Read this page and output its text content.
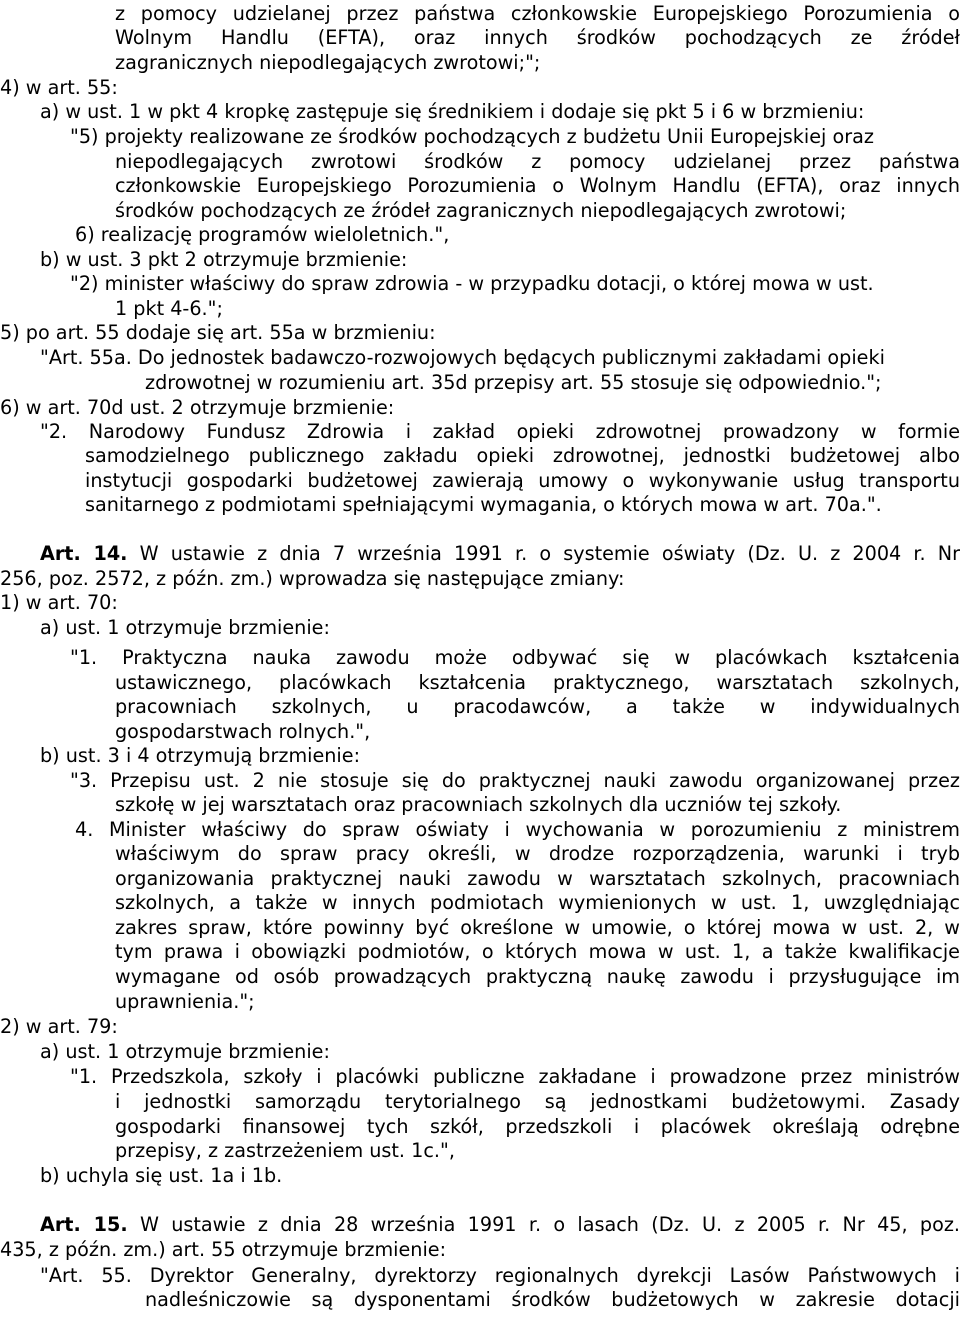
z pomocy udzielanej przez państwa członkowskie Europejskiego Porozumienia o
Wolnym Handlu (EFTA), oraz innych środków pochodzących ze źródeł
zagranicznych niepodlegających zwrotowi;";
4) w art. 55:
a) w ust. 1 w pkt 4 kropkę zastępuje się średnikiem i dodaje się pkt 5 i 6 w brzmieniu:
"5) projekty realizowane ze środków pochodzących z budżetu Unii Europejskiej oraz
niepodlegających zwrotowi środków z pomocy udzielanej przez państwa
członkowskie Europejskiego Porozumienia o Wolnym Handlu (EFTA), oraz innych
środków pochodzących ze źródeł zagranicznych niepodlegających zwrotowi;
6) realizację programów wieloletnich.",
b) w ust. 3 pkt 2 otrzymuje brzmienie:
"2) minister właściwy do spraw zdrowia - w przypadku dotacji, o której mowa w ust.
1 pkt 4-6.";
5) po art. 55 dodaje się art. 55a w brzmieniu:
"Art. 55a. Do jednostek badawczo-rozwojowych będących publicznymi zakładami opieki
zdrowotnej w rozumieniu art. 35d przepisy art. 55 stosuje się odpowiednio.";
6) w art. 70d ust. 2 otrzymuje brzmienie:
"2. Narodowy Fundusz Zdrowia i zakład opieki zdrowotnej prowadzony w formie
samodzielnego publicznego zakładu opieki zdrowotnej, jednostki budżetowej albo
instytucji gospodarki budżetowej zawierają umowy o wykonywanie usług transportu
sanitarnego z podmiotami spełniającymi wymagania, o których mowa w art. 70a.".
Art. 14. W ustawie z dnia 7 września 1991 r. o systemie oświaty (Dz. U. z 2004 r. Nr
256, poz. 2572, z późn. zm.) wprowadza się następujące zmiany:
1) w art. 70:
a) ust. 1 otrzymuje brzmienie:
"1. Praktyczna nauka zawodu może odbywać się w placówkach kształcenia
ustawicznego, placówkach kształcenia praktycznego, warsztatach szkolnych,
pracowniach szkolnych, u pracodawców, a także w indywidualnych
gospodarstwach rolnych.",
b) ust. 3 i 4 otrzymują brzmienie:
"3. Przepisu ust. 2 nie stosuje się do praktycznej nauki zawodu organizowanej przez
szkołę w jej warsztatach oraz pracowniach szkolnych dla uczniów tej szkoły.
4. Minister właściwy do spraw oświaty i wychowania w porozumieniu z ministrem
właściwym do spraw pracy określi, w drodze rozporządzenia, warunki i tryb
organizowania praktycznej nauki zawodu w warsztatach szkolnych, pracowniach
szkolnych, a także w innych podmiotach wymienionych w ust. 1, uwzględniając
zakres spraw, które powinny być określone w umowie, o której mowa w ust. 2, w
tym prawa i obowiązki podmiotów, o których mowa w ust. 1, a także kwalifikacje
wymagane od osób prowadzących praktyczną naukę zawodu i przysługujące im
uprawnienia.";
2) w art. 79:
a) ust. 1 otrzymuje brzmienie:
"1. Przedszkola, szkoły i placówki publiczne zakładane i prowadzone przez ministrów
i jednostki samorządu terytorialnego są jednostkami budżetowymi. Zasady
gospodarki finansowej tych szkół, przedszkoli i placówek określają odrębne
przepisy, z zastrzeżeniem ust. 1c.",
b) uchyla się ust. 1a i 1b.
Art. 15. W ustawie z dnia 28 września 1991 r. o lasach (Dz. U. z 2005 r. Nr 45, poz.
435, z późn. zm.) art. 55 otrzymuje brzmienie:
"Art. 55. Dyrektor Generalny, dyrektorzy regionalnych dyrekcji Lasów Państwowych i
nadleśniczowie są dysponentami środków budżetowych w zakresie dotacji
